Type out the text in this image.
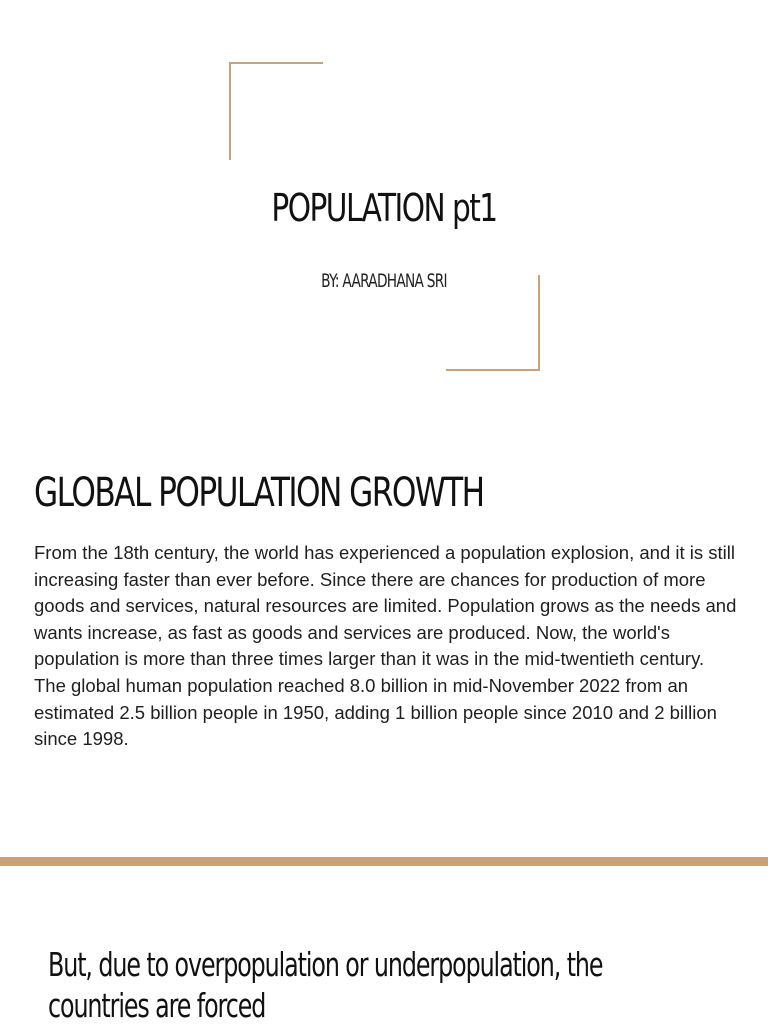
POPULATION pt1
BY: AARADHANA SRI
GLOBAL POPULATION GROWTH

From the 18th century, the world has experienced a population explosion, and it is still increasing faster than ever before. Since there are chances for production of more goods and services, natural resources are limited. Population grows as the needs and wants increase, as fast as goods and services are produced. Now, the world's population is more than three times larger than it was in the mid-twentieth century. The global human population reached 8.0 billion in mid-November 2022 from an estimated 2.5 billion people in 1950, adding 1 billion people since 2010 and 2 billion since 1998.

But, due to overpopulation or underpopulation, the countries are forced
